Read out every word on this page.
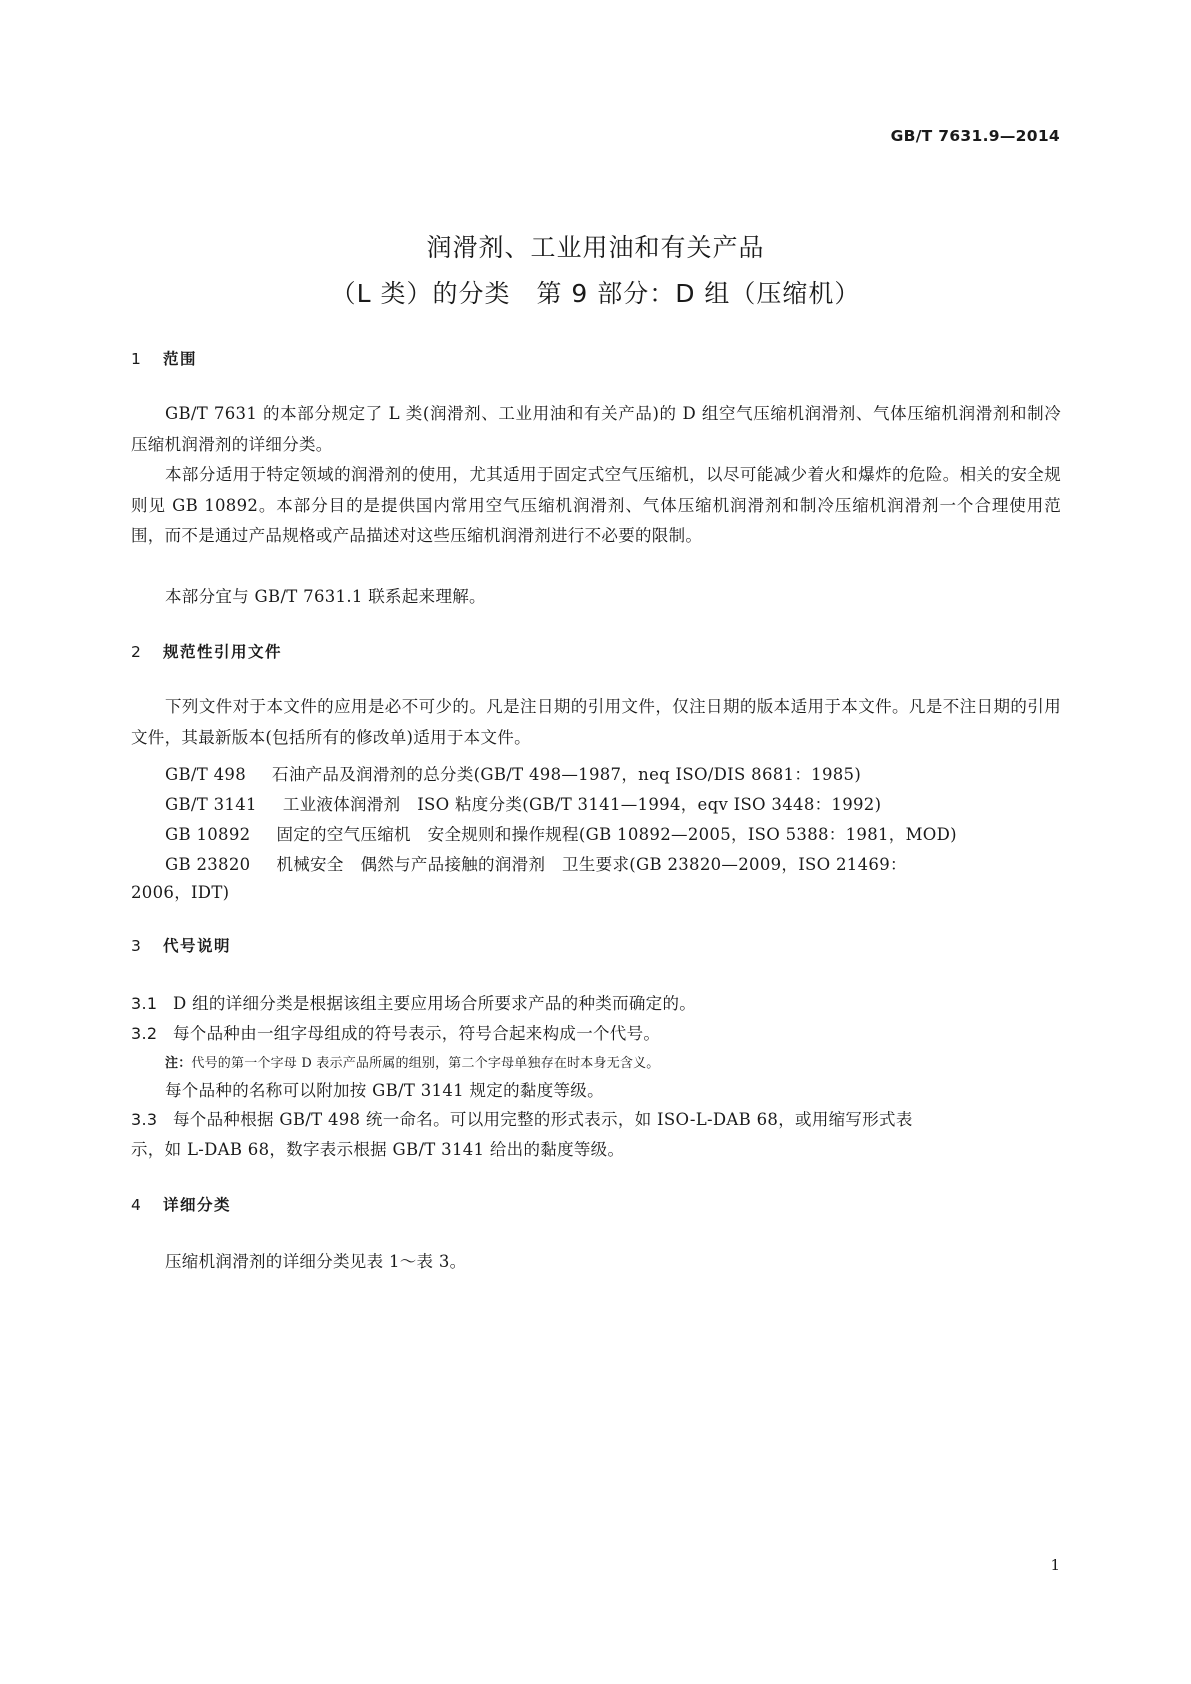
GB/T 7631.9—2014
润滑剂、工业用油和有关产品
（L 类）的分类　第 9 部分：D 组（压缩机）
1 范围
GB/T 7631 的本部分规定了 L 类(润滑剂、工业用油和有关产品)的 D 组空气压缩机润滑剂、气体压缩机润滑剂和制冷压缩机润滑剂的详细分类。
本部分适用于特定领域的润滑剂的使用，尤其适用于固定式空气压缩机，以尽可能减少着火和爆炸的危险。相关的安全规则见 GB 10892。本部分目的是提供国内常用空气压缩机润滑剂、气体压缩机润滑剂和制冷压缩机润滑剂一个合理使用范围，而不是通过产品规格或产品描述对这些压缩机润滑剂进行不必要的限制。
本部分宜与 GB/T 7631.1 联系起来理解。
2 规范性引用文件
下列文件对于本文件的应用是必不可少的。凡是注日期的引用文件，仅注日期的版本适用于本文件。凡是不注日期的引用文件，其最新版本(包括所有的修改单)适用于本文件。
GB/T 498 石油产品及润滑剂的总分类(GB/T 498—1987，neq ISO/DIS 8681：1985)
GB/T 3141 工业液体润滑剂　ISO 粘度分类(GB/T 3141—1994，eqv ISO 3448：1992)
GB 10892 固定的空气压缩机　安全规则和操作规程(GB 10892—2005，ISO 5388：1981，MOD)
GB 23820 机械安全　偶然与产品接触的润滑剂　卫生要求(GB 23820—2009，ISO 21469：
2006，IDT)
3 代号说明
3.1 D 组的详细分类是根据该组主要应用场合所要求产品的种类而确定的。
3.2 每个品种由一组字母组成的符号表示，符号合起来构成一个代号。
注：代号的第一个字母 D 表示产品所属的组别，第二个字母单独存在时本身无含义。
每个品种的名称可以附加按 GB/T 3141 规定的黏度等级。
3.3 每个品种根据 GB/T 498 统一命名。可以用完整的形式表示，如 ISO-L-DAB 68，或用缩写形式表
示，如 L-DAB 68，数字表示根据 GB/T 3141 给出的黏度等级。
4 详细分类
压缩机润滑剂的详细分类见表 1～表 3。
1
